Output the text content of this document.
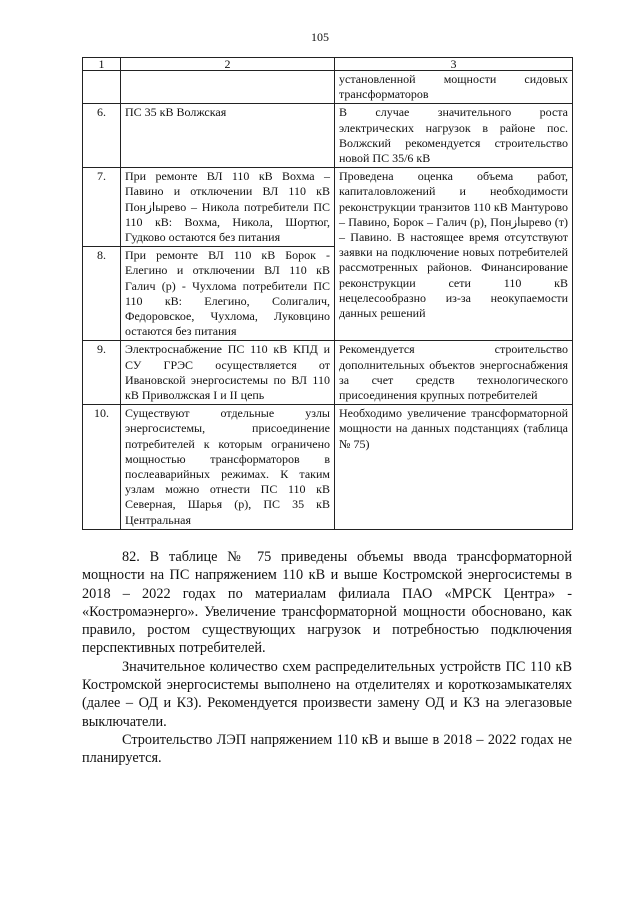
105
1	2	3
		установленной мощности сидовых трансформаторов
6.	ПС 35 кВ Волжская	В случае значительного роста электрических нагрузок в районе пос. Волжский рекомендуется строительство новой ПС 35/6 кВ
7.	При ремонте ВЛ 110 кВ Вохма – Павино и отключении ВЛ 110 кВ Понازырево – Никола потребители ПС 110 кВ: Вохма, Никола, Шортюг, Гудково остаются без питания	Проведена оценка объема работ, капиталовложений и необходимости реконструкции транзитов 110 кВ Мантурово – Павино, Борок – Галич (р), Понازырево (т) – Павино. В настоящее время отсутствуют заявки на подключение новых потребителей рассмотренных районов. Финансирование реконструкции сети 110 кВ нецелесообразно из-за неокупаемости данных решений
8.	При ремонте ВЛ 110 кВ Борок - Елегино и отключении ВЛ 110 кВ Галич (р) - Чухлома потребители ПС 110 кВ: Елегино, Солигалич, Федоровское, Чухлома, Луковцино остаются без питания	
9.	Электроснабжение ПС 110 кВ КПД и СУ ГРЭС осуществляется от Ивановской энергосистемы по ВЛ 110 кВ Приволжская I и II цепь	Рекомендуется строительство дополнительных объектов энергоснабжения за счет средств технологического присоединения крупных потребителей
10.	Существуют отдельные узлы энергосистемы, присоединение потребителей к которым ограничено мощностью трансформаторов в послеаварийных режимах. К таким узлам можно отнести ПС 110 кВ Северная, Шарья (р), ПС 35 кВ Центральная	Необходимо увеличение трансформаторной мощности на данных подстанциях (таблица № 75)

82. В таблице № 75 приведены объемы ввода трансформаторной мощности на ПС напряжением 110 кВ и выше Костромской энергосистемы в 2018 – 2022 годах по материалам филиала ПАО «МРСК Центра» - «Костромаэнерго». Увеличение трансформаторной мощности обосновано, как правило, ростом существующих нагрузок и потребностью подключения перспективных потребителей.

Значительное количество схем распределительных устройств ПС 110 кВ Костромской энергосистемы выполнено на отделителях и короткозамыкателях (далее – ОД и КЗ). Рекомендуется произвести замену ОД и КЗ на элегазовые выключатели.

Строительство ЛЭП напряжением 110 кВ и выше в 2018 – 2022 годах не планируется.
